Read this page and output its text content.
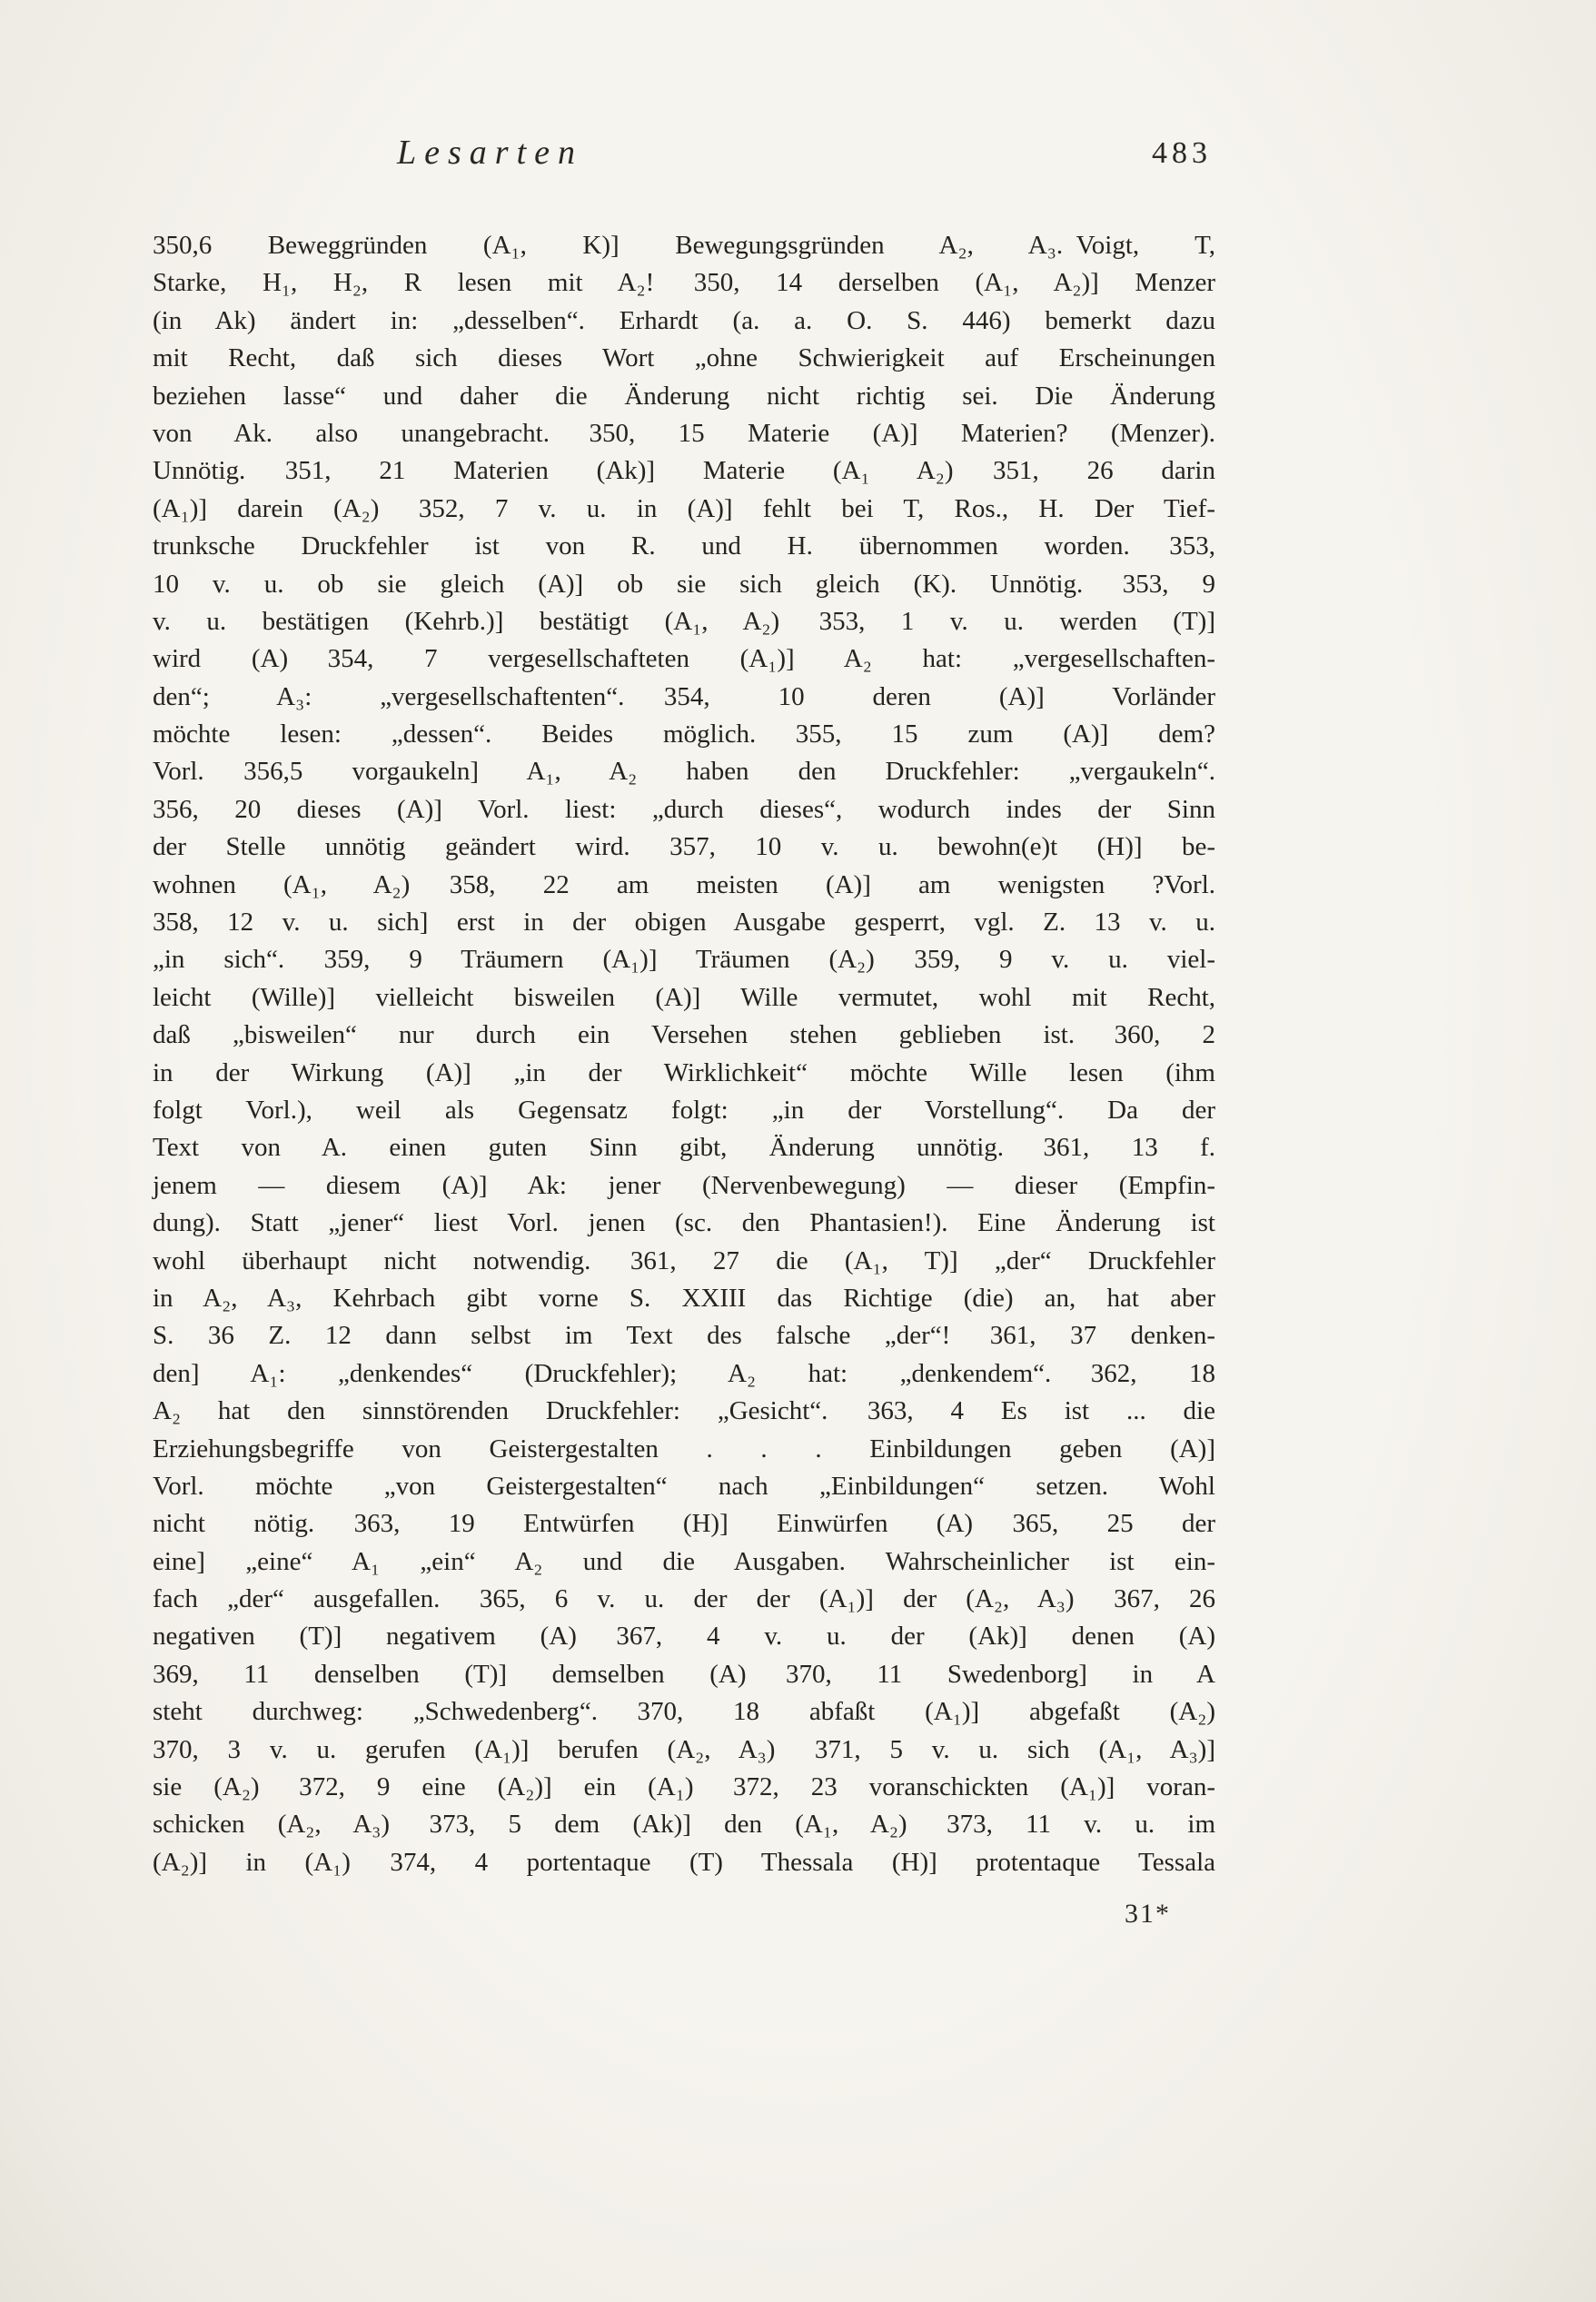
Lesarten	483
350,6 Beweggründen (A₁, K)] Bewegungsgründen A₂, A₃. Voigt, T,
Starke, H₁, H₂, R lesen mit A₂!  350, 14 derselben (A₁, A₂)] Menzer
(in Ak) ändert in: „desselben“. Erhardt (a. a. O. S. 446) bemerkt dazu
mit Recht, daß sich dieses Wort „ohne Schwierigkeit auf Erscheinungen
beziehen lasse“ und daher die Änderung nicht richtig sei. Die Änderung
von Ak. also unangebracht.  350, 15 Materie (A)] Materien? (Menzer).
Unnötig.  351, 21 Materien (Ak)] Materie (A₁ A₂)  351, 26 darin
(A₁)] darein (A₂)  352, 7 v. u. in (A)] fehlt bei T, Ros., H. Der Tief-
trunksche Druckfehler ist von R. und H. übernommen worden.  353,
10 v. u. ob sie gleich (A)] ob sie sich gleich (K). Unnötig.  353, 9
v. u. bestätigen (Kehrb.)] bestätigt (A₁, A₂)  353, 1 v. u. werden (T)]
wird (A)  354, 7 vergesellschafteten (A₁)] A₂ hat: „vergesellschaften-
den“; A₃: „vergesellschaftenten“.  354, 10 deren (A)] Vorländer
möchte lesen: „dessen“. Beides möglich.  355, 15 zum (A)] dem?
Vorl.  356,5 vorgaukeln] A₁, A₂ haben den Druckfehler: „vergaukeln“.
356, 20 dieses (A)] Vorl. liest: „durch dieses“, wodurch indes der Sinn
der Stelle unnötig geändert wird.  357, 10 v. u. bewohn(e)t (H)] be-
wohnen (A₁, A₂)  358, 22 am meisten (A)] am wenigsten ?Vorl.
358, 12 v. u. sich] erst in der obigen Ausgabe gesperrt, vgl. Z. 13 v. u.
„in sich“.  359, 9 Träumern (A₁)] Träumen (A₂)  359, 9 v. u. viel-
leicht (Wille)] vielleicht bisweilen (A)] Wille vermutet, wohl mit Recht,
daß „bisweilen“ nur durch ein Versehen stehen geblieben ist.  360, 2
in der Wirkung (A)] „in der Wirklichkeit“ möchte Wille lesen (ihm
folgt Vorl.), weil als Gegensatz folgt: „in der Vorstellung“. Da der
Text von A. einen guten Sinn gibt, Änderung unnötig.  361, 13 f.
jenem — diesem (A)] Ak: jener (Nervenbewegung) — dieser (Empfin-
dung). Statt „jener“ liest Vorl. jenen (sc. den Phantasien!). Eine Änderung ist
wohl überhaupt nicht notwendig.  361, 27 die (A₁, T)] „der“ Druckfehler
in A₂, A₃, Kehrbach gibt vorne S. XXIII das Richtige (die) an, hat aber
S. 36 Z. 12 dann selbst im Text des falsche „der“!  361, 37 denken-
den] A₁: „denkendes“ (Druckfehler); A₂ hat: „denkendem“.  362, 18
A₂ hat den sinnstörenden Druckfehler: „Gesicht“.  363, 4 Es ist ... die
Erziehungsbegriffe von Geistergestalten . . . Einbildungen geben (A)]
Vorl. möchte „von Geistergestalten“ nach „Einbildungen“ setzen. Wohl
nicht nötig.  363, 19 Entwürfen (H)] Einwürfen (A)  365, 25 der
eine] „eine“ A₁ „ein“ A₂ und die Ausgaben. Wahrscheinlicher ist ein-
fach „der“ ausgefallen.  365, 6 v. u. der der (A₁)] der (A₂, A₃)  367, 26
negativen (T)] negativem (A)  367, 4 v. u. der (Ak)] denen (A)
369, 11 denselben (T)] demselben (A)  370, 11 Swedenborg] in A
steht durchweg: „Schwedenberg“.  370, 18 abfaßt (A₁)] abgefaßt (A₂)
370, 3 v. u. gerufen (A₁)] berufen (A₂, A₃)  371, 5 v. u. sich (A₁, A₃)]
sie (A₂)  372, 9 eine (A₂)] ein (A₁)  372, 23 voranschickten (A₁)] voran-
schicken (A₂, A₃)  373, 5 dem (Ak)] den (A₁, A₂)  373, 11 v. u. im
(A₂)] in (A₁)  374, 4 portentaque (T) Thessala (H)] protentaque Tessala
31*
